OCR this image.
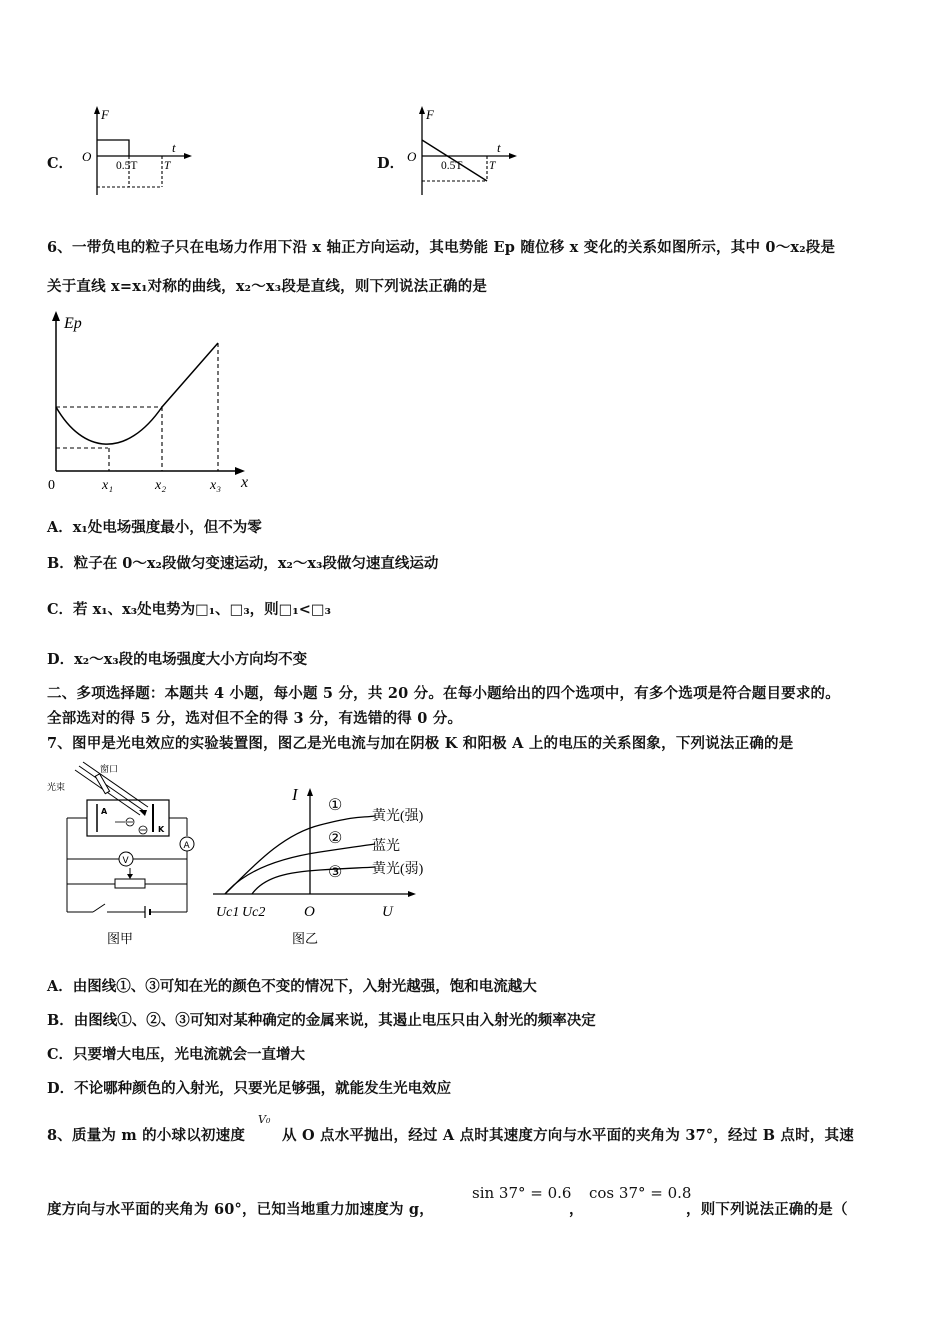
C．
F
t
O
0.5T T	D．
F
t
O
0.5T T
6、一带负电的粒子只在电场力作用下沿 x 轴正方向运动，其电势能 Ep 随位移 x 变化的关系如图所示，其中 0～x₂段是
关于直线 x=x₁对称的曲线，x₂～x₃段是直线，则下列说法正确的是
Ep
x
0	x₁	x₂	x₃
A．x₁处电场强度最小，但不为零
B．粒子在 0～x₂段做匀变速运动，x₂～x₃段做匀速直线运动
C．若 x₁、x₃处电势为□₁、□₃，则□₁<□₃
D．x₂～x₃段的电场强度大小方向均不变
二、多项选择题：本题共 4 小题，每小题 5 分，共 20 分。在每小题给出的四个选项中，有多个选项是符合题目要求的。
全部选对的得 5 分，选对但不全的得 3 分，有选错的得 0 分。
7、图甲是光电效应的实验装置图，图乙是光电流与加在阴极 K 和阳极 A 上的电压的关系图象，下列说法正确的是
窗口
光束
A
K
A
V
图甲
I
U
O
Uc1 Uc2
①
②
③
黄光(强)
蓝光
黄光(弱)
图乙
A．由图线①、③可知在光的颜色不变的情况下，入射光越强，饱和电流越大
B．由图线①、②、③可知对某种确定的金属来说，其遏止电压只由入射光的频率决定
C．只要增大电压，光电流就会一直增大
D．不论哪种颜色的入射光，只要光足够强，就能发生光电效应
8、质量为 m 的小球以初速度
V₀
从 O 点水平抛出，经过 A 点时其速度方向与水平面的夹角为 37°，经过 B 点时，其速
度方向与水平面的夹角为 60°，已知当地重力加速度为 g，
sin 37° = 0.6
，
cos 37° = 0.8
，则下列说法正确的是（
